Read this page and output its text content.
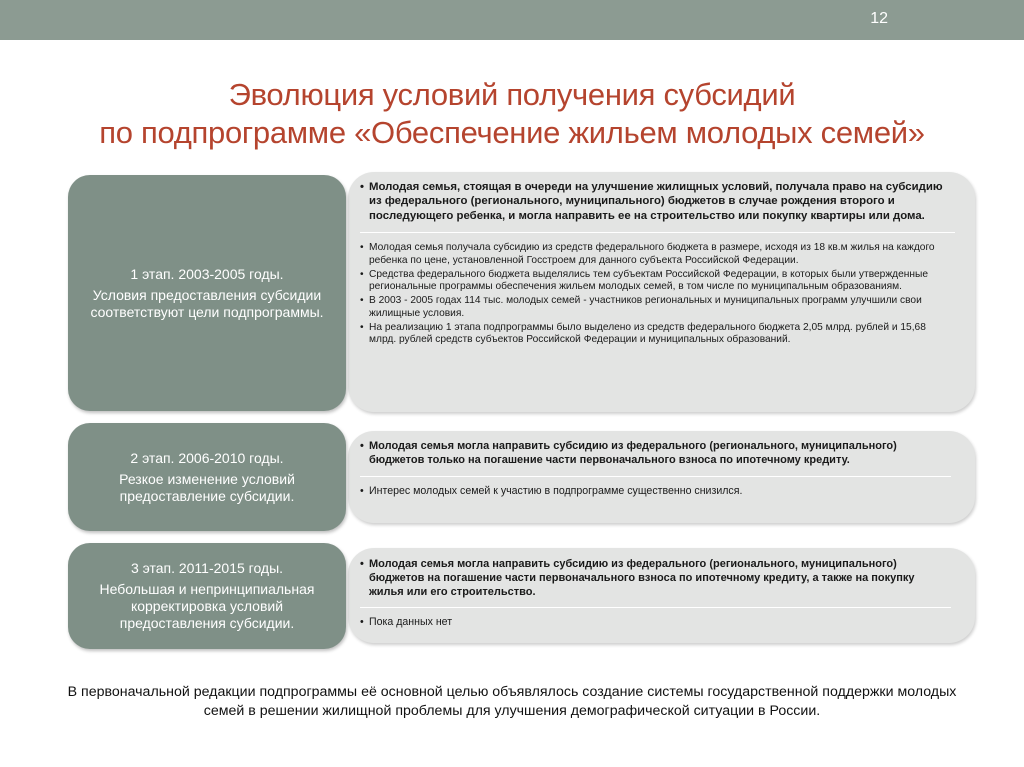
12
Эволюция условий получения субсидий
по подпрограмме «Обеспечение жильем молодых семей»
• Молодая семья, стоящая в очереди на улучшение жилищных условий, получала право на субсидию из федерального (регионального, муниципального) бюджетов в случае рождения второго и последующего ребенка, и могла направить ее на строительство или покупку квартиры или дома.
• Молодая семья получала субсидию из средств федерального бюджета в размере, исходя из 18 кв.м жилья на каждого ребенка по цене, установленной Госстроем для данного субъекта Российской Федерации.
• Средства федерального бюджета выделялись тем субъектам Российской Федерации, в которых были утвержденные региональные программы обеспечения жильем молодых семей, в том числе по муниципальным образованиям.
• В 2003 - 2005 годах 114 тыс. молодых семей - участников региональных и муниципальных программ улучшили свои жилищные условия.
• На реализацию 1 этапа подпрограммы было выделено из средств федерального бюджета 2,05 млрд. рублей и 15,68 млрд. рублей средств субъектов Российской Федерации и муниципальных образований.
1 этап. 2003-2005 годы.
Условия предоставления субсидии соответствуют цели подпрограммы.
• Молодая семья могла направить субсидию из федерального (регионального, муниципального) бюджетов только на погашение части первоначального взноса по ипотечному кредиту.
• Интерес молодых семей к участию в подпрограмме существенно снизился.
2 этап. 2006-2010 годы.
Резкое изменение условий предоставление субсидии.
• Молодая семья могла направить субсидию из федерального (регионального, муниципального) бюджетов на погашение части первоначального взноса по ипотечному кредиту, а также на покупку жилья или его строительство.
• Пока данных нет
3 этап. 2011-2015 годы.
Небольшая и непринципиальная корректировка условий предоставления субсидии.
В первоначальной редакции подпрограммы её основной целью объявлялось создание системы государственной поддержки молодых семей в решении жилищной проблемы для улучшения демографической ситуации в России.
